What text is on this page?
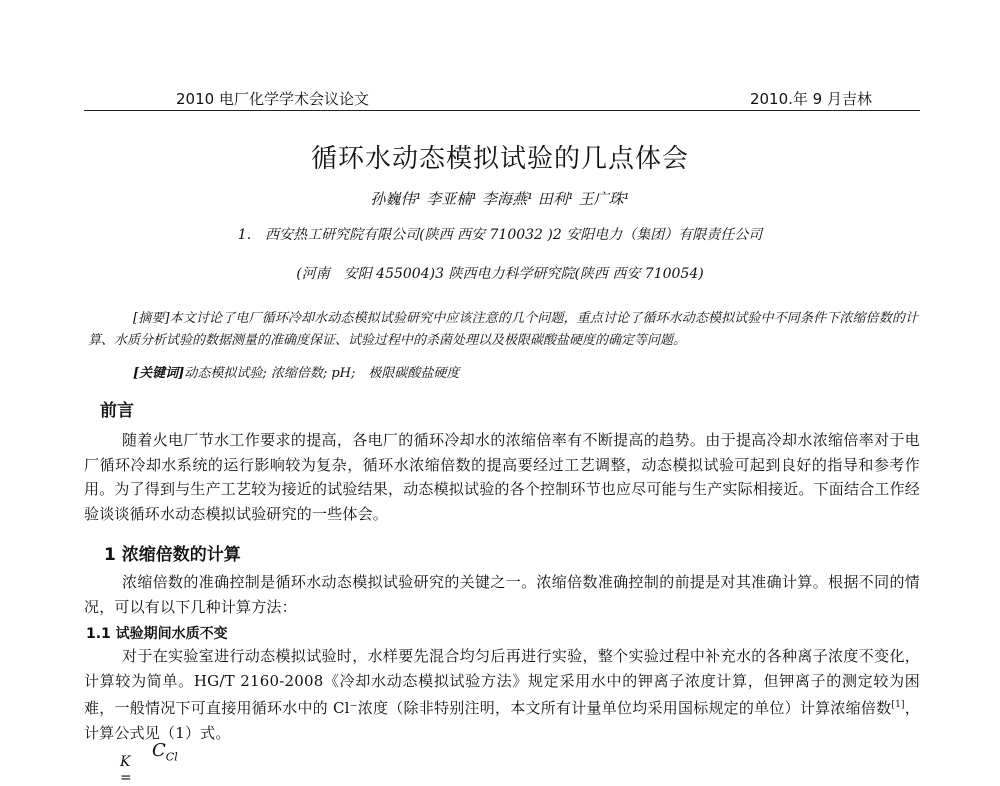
2010 电厂化学学术会议论文	2010.年 9 月吉林
循环水动态模拟试验的几点体会
孙巍伟¹ 李亚楠¹ 李海燕¹ 田利¹ 王广珠¹
1.　西安热工研究院有限公司(陕西 西安 710032 )2 安阳电力（集团）有限责任公司
(河南　安阳 455004)3 陕西电力科学研究院(陕西 西安 710054)
[摘要]本文讨论了电厂循环冷却水动态模拟试验研究中应该注意的几个问题，重点讨论了循环水动态模拟试验中不同条件下浓缩倍数的计算、水质分析试验的数据测量的准确度保证、试验过程中的杀菌处理以及极限碳酸盐硬度的确定等问题。
[关键词]动态模拟试验; 浓缩倍数; pH;　极限碳酸盐硬度
前言
随着火电厂节水工作要求的提高，各电厂的循环冷却水的浓缩倍率有不断提高的趋势。由于提高冷却水浓缩倍率对于电厂循环冷却水系统的运行影响较为复杂，循环水浓缩倍数的提高要经过工艺调整，动态模拟试验可起到良好的指导和参考作用。为了得到与生产工艺较为接近的试验结果，动态模拟试验的各个控制环节也应尽可能与生产实际相接近。下面结合工作经验谈谈循环水动态模拟试验研究的一些体会。
1 浓缩倍数的计算
浓缩倍数的准确控制是循环水动态模拟试验研究的关键之一。浓缩倍数准确控制的前提是对其准确计算。根据不同的情况，可以有以下几种计算方法：
1.1 试验期间水质不变
对于在实验室进行动态模拟试验时，水样要先混合均匀后再进行实验，整个实验过程中补充水的各种离子浓度不变化，计算较为简单。HG/T 2160-2008《冷却水动态模拟试验方法》规定采用水中的钾离子浓度计算，但钾离子的测定较为困难，一般情况下可直接用循环水中的 Cl⁻浓度（除非特别注明，本文所有计量单位均采用国标规定的单位）计算浓缩倍数[1]，计算公式见（1）式。
K =
$C_{Cl}$
